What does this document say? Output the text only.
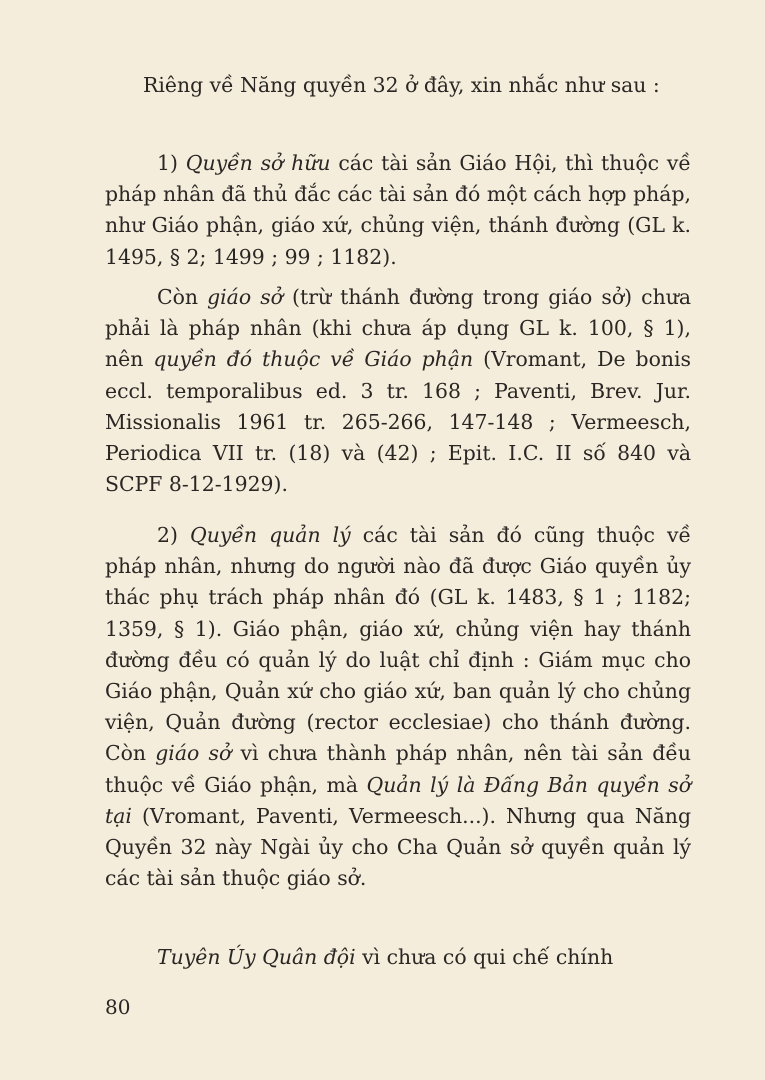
Riêng về Năng quyền 32 ở đây, xin nhắc như sau :

1) Quyền sở hữu các tài sản Giáo Hội, thì thuộc về pháp nhân đã thủ đắc các tài sản đó một cách hợp pháp, như Giáo phận, giáo xứ, chủng viện, thánh đường (GL k. 1495, § 2; 1499 ; 99 ; 1182).

Còn giáo sở (trừ thánh đường trong giáo sở) chưa phải là pháp nhân (khi chưa áp dụng GL k. 100, § 1), nên quyền đó thuộc về Giáo phận (Vromant, De bonis eccl. temporalibus ed. 3 tr. 168 ; Paventi, Brev. Jur. Missionalis 1961 tr. 265-266, 147-148 ; Vermeesch, Periodica VII tr. (18) và (42) ; Epit. I.C. II số 840 và SCPF 8-12-1929).

2) Quyền quản lý các tài sản đó cũng thuộc về pháp nhân, nhưng do người nào đã được Giáo quyền ủy thác phụ trách pháp nhân đó (GL k. 1483, § 1 ; 1182; 1359, § 1). Giáo phận, giáo xứ, chủng viện hay thánh đường đều có quản lý do luật chỉ định : Giám mục cho Giáo phận, Quản xứ cho giáo xứ, ban quản lý cho chủng viện, Quản đường (rector ecclesiae) cho thánh đường. Còn giáo sở vì chưa thành pháp nhân, nên tài sản đều thuộc về Giáo phận, mà Quản lý là Đấng Bản quyền sở tại (Vromant, Paventi, Vermeesch...). Nhưng qua Năng Quyền 32 này Ngài ủy cho Cha Quản sở quyền quản lý các tài sản thuộc giáo sở.

Tuyên Úy Quân đội vì chưa có qui chế chính

80
